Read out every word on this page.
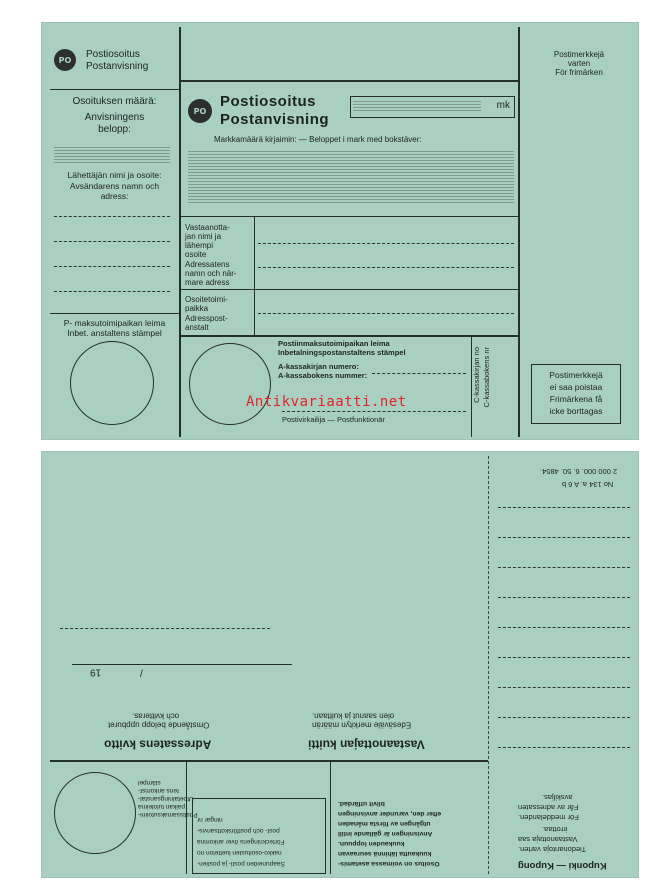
PO	Postiosoitus
Postanvisning
Osoituksen määrä:
Anvisningens
belopp:
Lähettäjän nimi ja osoite:
Avsändarens namn och
adress:
P- maksutoimipaikan leima
Inbet. anstaltens stämpel
PO
Postiosoitus
Postanvisning
mk
Markkamäärä kirjaimin: — Beloppet i mark med bokstäver:
Vastaanotta-
jan nimi ja
lähempi
osoite
Adressatens
namn och när-
mare adress
Osoitetoimi-
paikka
Adresspost-
anstalt
Postiinmaksutoimipaikan leima
Inbetalningspostanstaltens stämpel
A-kassakirjan numero:
A-kassabokens nummer:
Postivirkailija — Postfunktionär
C-kassakirjan no C-kassabokens nr
Postimerkkejä
varten
För frimärken
Postimerkkejä
ei saa poistaa
Frimärkena få
icke borttagas
Antikvariaatti.net
No 134 a. A 6 b
2 000 000. 6. 50. 4854.
19	/
Adressatens kvitto
Omstående belopp uppburet
och kvitteras.
Vastaanottajan kuitti
Edesäväle merkityn määrän
olen saanut ja kuittaan.
Postissamaksutoimi-
paikan tuloleima
Utbetalningsanstal-
tens ankomst-
stämpel
Saapuneiden posti- ja postien-
nakko-osoitusten luettelon no
Förteckningens över ankomna
post- och postförskottsanvis-
ningar nr
Osoitus on voimassa asetamis-
kuukautta lähinnä seuraavan
kuukauden loppuun.
Anvisningen är gällande intill
utgången av första månaden
efter den, varunder anvisningen
blivit utfärdad.
Kuponki — Kupong
Tiedonantoja varten.
Vastaanottaja saa
irrottaa.
För meddelanden.
Får av adressaten
avskiljas.
